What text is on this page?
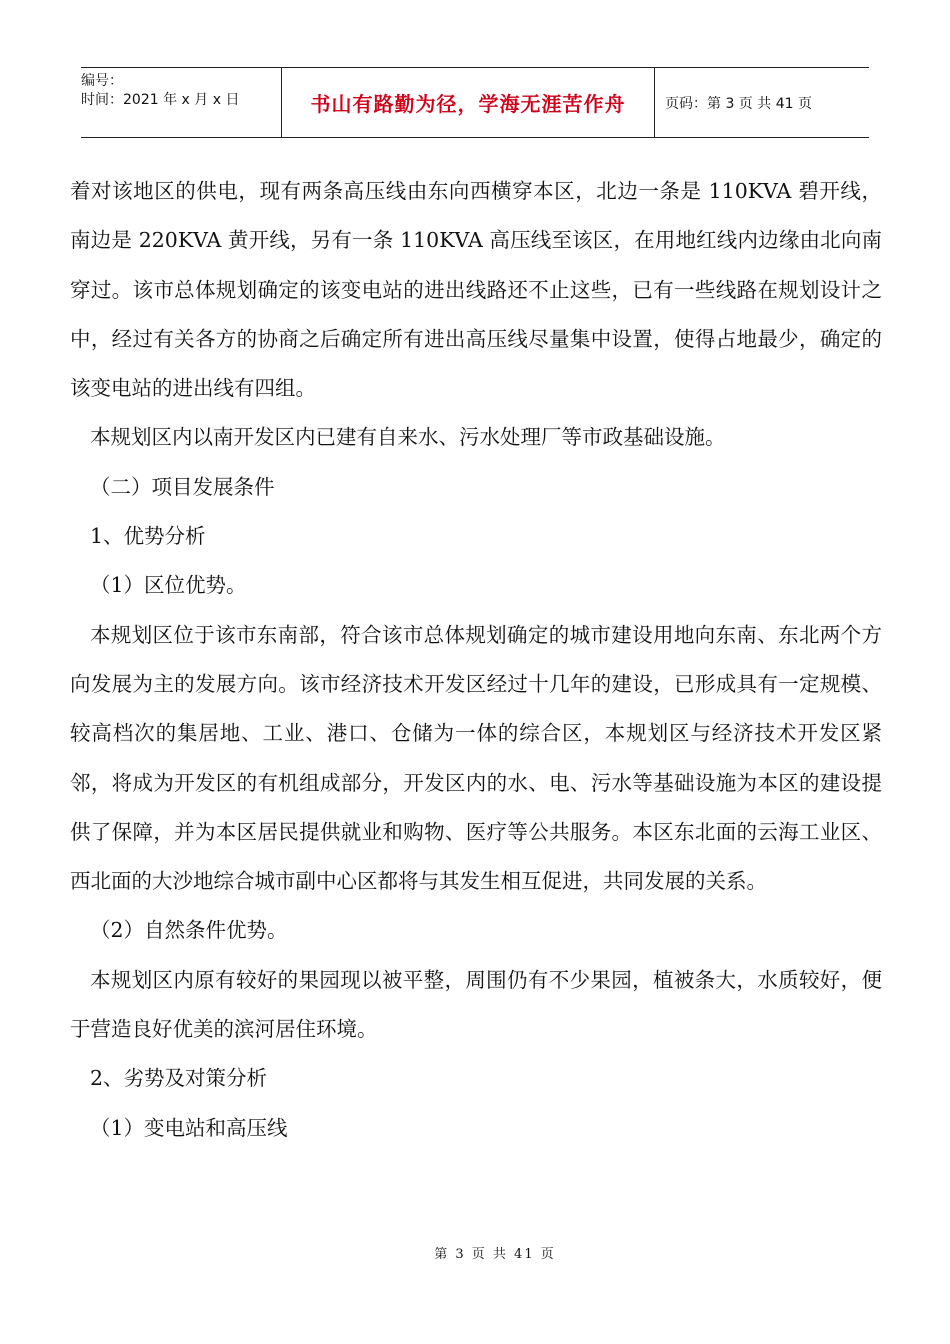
编号：
时间：2021 年 x 月 x 日	书山有路勤为径，学海无涯苦作舟	页码：第 3 页 共 41 页

着对该地区的供电，现有两条高压线由东向西横穿本区，北边一条是 110KVA 碧开线，南边是 220KVA 黄开线，另有一条 110KVA 高压线至该区，在用地红线内边缘由北向南穿过。该市总体规划确定的该变电站的进出线路还不止这些，已有一些线路在规划设计之中，经过有关各方的协商之后确定所有进出高压线尽量集中设置，使得占地最少，确定的该变电站的进出线有四组。

本规划区内以南开发区内已建有自来水、污水处理厂等市政基础设施。

（二）项目发展条件

1、优势分析

（1）区位优势。

本规划区位于该市东南部，符合该市总体规划确定的城市建设用地向东南、东北两个方向发展为主的发展方向。该市经济技术开发区经过十几年的建设，已形成具有一定规模、较高档次的集居地、工业、港口、仓储为一体的综合区，本规划区与经济技术开发区紧邻，将成为开发区的有机组成部分，开发区内的水、电、污水等基础设施为本区的建设提供了保障，并为本区居民提供就业和购物、医疗等公共服务。本区东北面的云海工业区、西北面的大沙地综合城市副中心区都将与其发生相互促进，共同发展的关系。

（2）自然条件优势。

本规划区内原有较好的果园现以被平整，周围仍有不少果园，植被条大，水质较好，便于营造良好优美的滨河居住环境。

2、劣势及对策分析

（1）变电站和高压线

第 3 页 共 41 页
